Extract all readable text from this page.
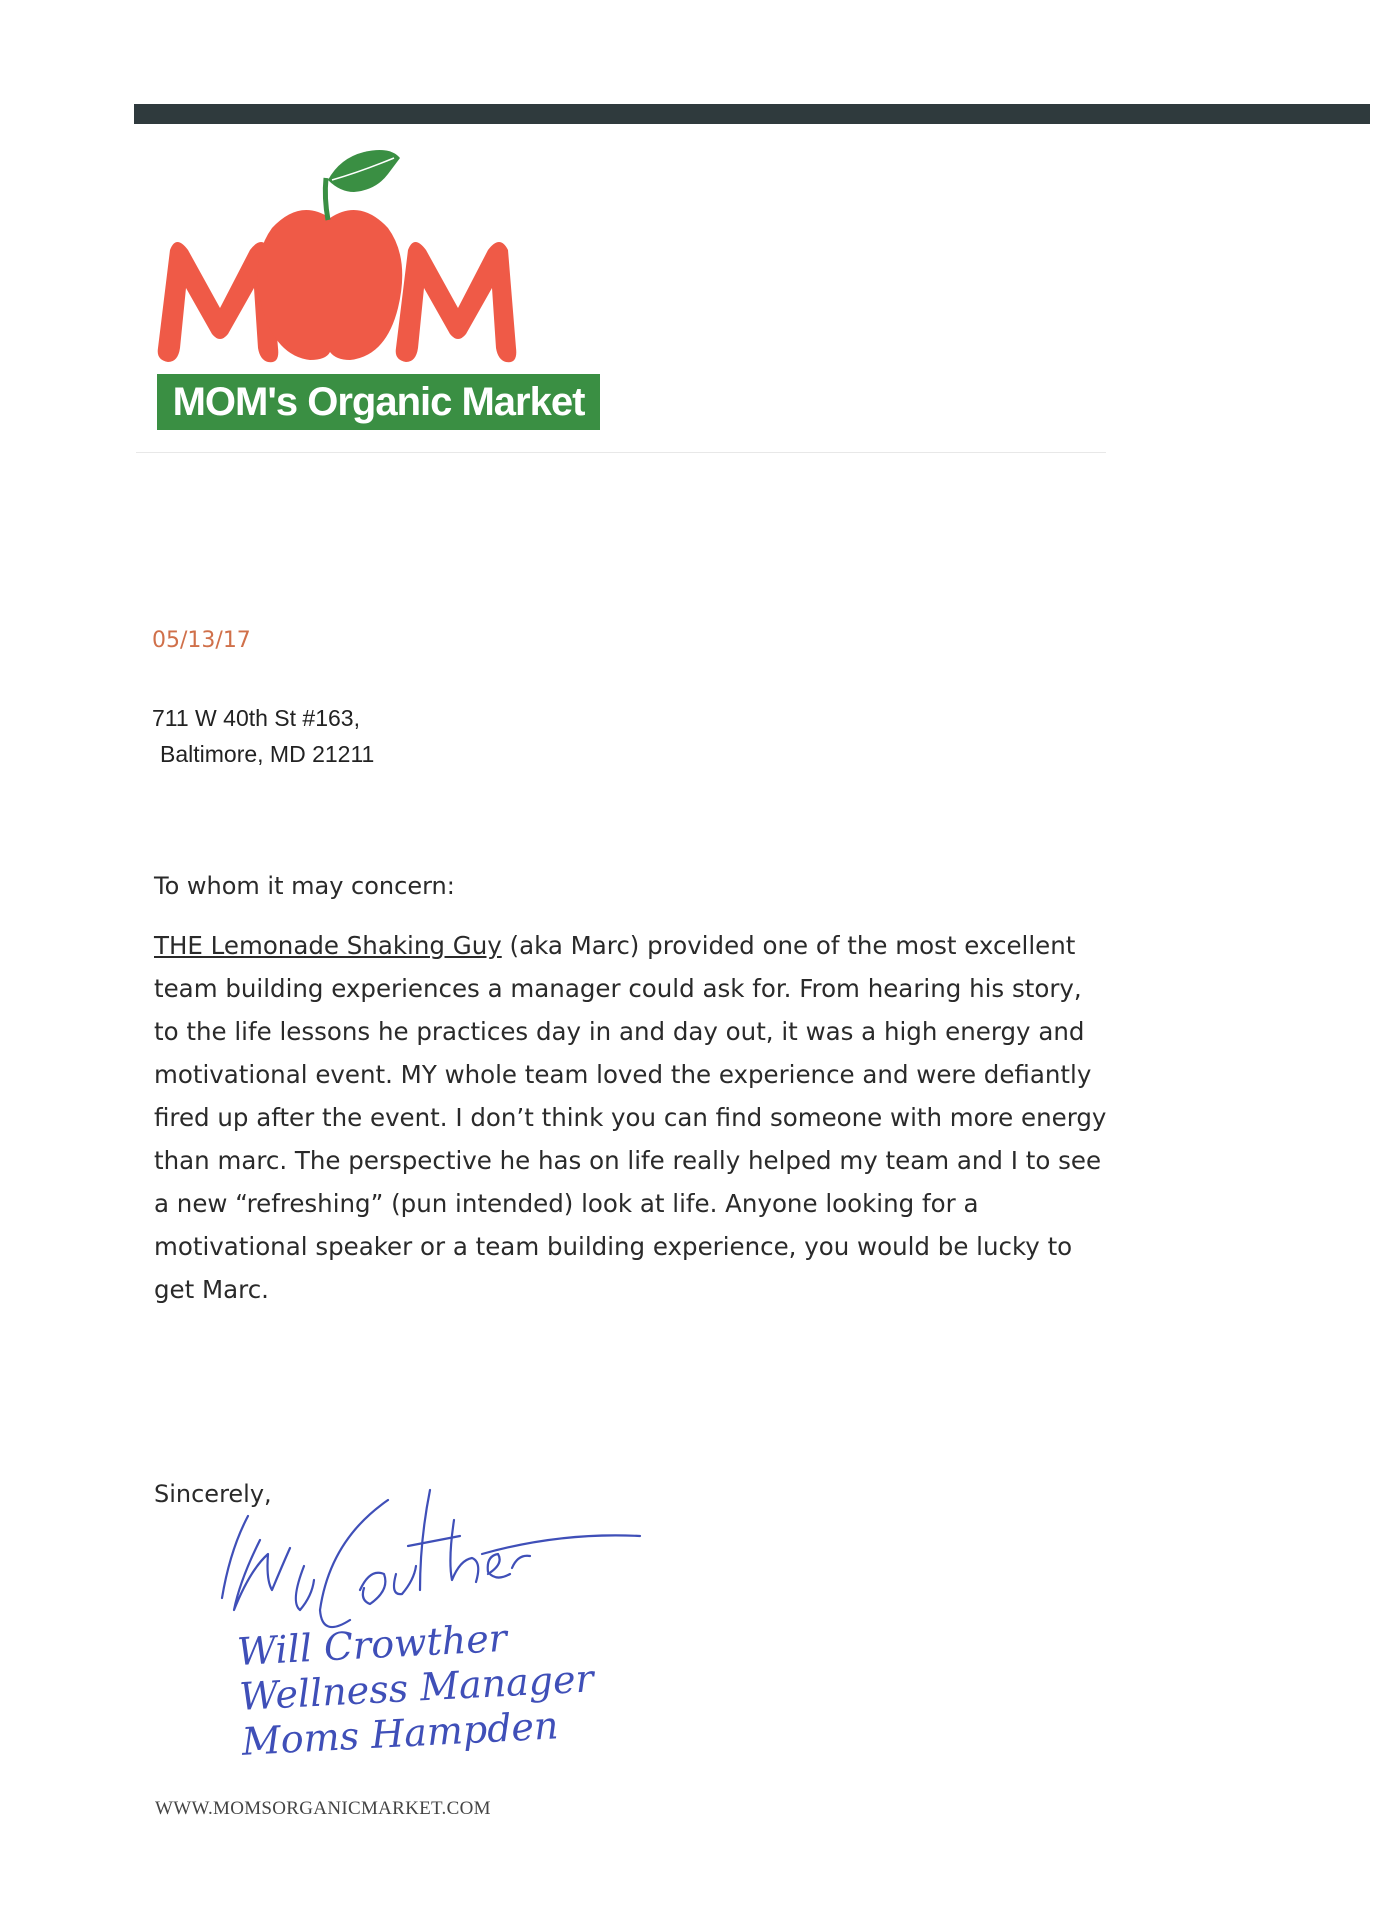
MOM's Organic Market
05/13/17
711 W 40th St #163,
Baltimore, MD 21211
To whom it may concern:
THE Lemonade Shaking Guy (aka Marc) provided one of the most excellent team building experiences a manager could ask for. From hearing his story, to the life lessons he practices day in and day out, it was a high energy and motivational event. MY whole team loved the experience and were defiantly fired up after the event. I don’t think you can find someone with more energy than marc. The perspective he has on life really helped my team and I to see a new “refreshing” (pun intended) look at life. Anyone looking for a motivational speaker or a team building experience, you would be lucky to get Marc.
Sincerely,
Will Crowther
Wellness Manager
Moms Hampden
WWW.MOMSORGANICMARKET.COM
